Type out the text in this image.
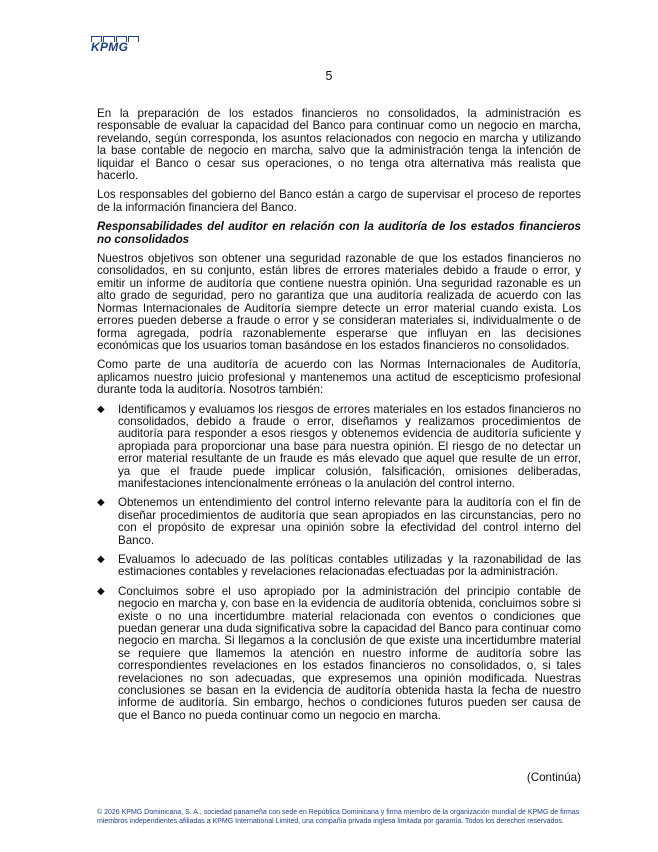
KPMG
5

En la preparación de los estados financieros no consolidados, la administración es responsable de evaluar la capacidad del Banco para continuar como un negocio en marcha, revelando, según corresponda, los asuntos relacionados con negocio en marcha y utilizando la base contable de negocio en marcha, salvo que la administración tenga la intención de liquidar el Banco o cesar sus operaciones, o no tenga otra alternativa más realista que hacerlo.

Los responsables del gobierno del Banco están a cargo de supervisar el proceso de reportes de la información financiera del Banco.

Responsabilidades del auditor en relación con la auditoría de los estados financieros no consolidados

Nuestros objetivos son obtener una seguridad razonable de que los estados financieros no consolidados, en su conjunto, están libres de errores materiales debido a fraude o error, y emitir un informe de auditoría que contiene nuestra opinión. Una seguridad razonable es un alto grado de seguridad, pero no garantiza que una auditoría realizada de acuerdo con las Normas Internacionales de Auditoría siempre detecte un error material cuando exista. Los errores pueden deberse a fraude o error y se consideran materiales si, individualmente o de forma agregada, podría razonablemente esperarse que influyan en las decisiones económicas que los usuarios toman basándose en los estados financieros no consolidados.

Como parte de una auditoría de acuerdo con las Normas Internacionales de Auditoría, aplicamos nuestro juicio profesional y mantenemos una actitud de escepticismo profesional durante toda la auditoría. Nosotros también:

◆ Identificamos y evaluamos los riesgos de errores materiales en los estados financieros no consolidados, debido a fraude o error, diseñamos y realizamos procedimientos de auditoría para responder a esos riesgos y obtenemos evidencia de auditoría suficiente y apropiada para proporcionar una base para nuestra opinión. El riesgo de no detectar un error material resultante de un fraude es más elevado que aquel que resulte de un error, ya que el fraude puede implicar colusión, falsificación, omisiones deliberadas, manifestaciones intencionalmente erróneas o la anulación del control interno.
◆ Obtenemos un entendimiento del control interno relevante para la auditoría con el fin de diseñar procedimientos de auditoría que sean apropiados en las circunstancias, pero no con el propósito de expresar una opinión sobre la efectividad del control interno del Banco.
◆ Evaluamos lo adecuado de las políticas contables utilizadas y la razonabilidad de las estimaciones contables y revelaciones relacionadas efectuadas por la administración.
◆ Concluimos sobre el uso apropiado por la administración del principio contable de negocio en marcha y, con base en la evidencia de auditoría obtenida, concluimos sobre si existe o no una incertidumbre material relacionada con eventos o condiciones que puedan generar una duda significativa sobre la capacidad del Banco para continuar como negocio en marcha. Si llegamos a la conclusión de que existe una incertidumbre material se requiere que llamemos la atención en nuestro informe de auditoría sobre las correspondientes revelaciones en los estados financieros no consolidados, o, si tales revelaciones no son adecuadas, que expresemos una opinión modificada. Nuestras conclusiones se basan en la evidencia de auditoría obtenida hasta la fecha de nuestro informe de auditoría. Sin embargo, hechos o condiciones futuros pueden ser causa de que el Banco no pueda continuar como un negocio en marcha.
(Continúa)
© 2026 KPMG Dominicana, S. A., sociedad panameña con sede en República Dominicana y firma miembro de la organización mundial de KPMG de firmas
miembros independientes afiliadas a KPMG International Limited, una compañía privada inglesa limitada por garantía. Todos los derechos reservados.
